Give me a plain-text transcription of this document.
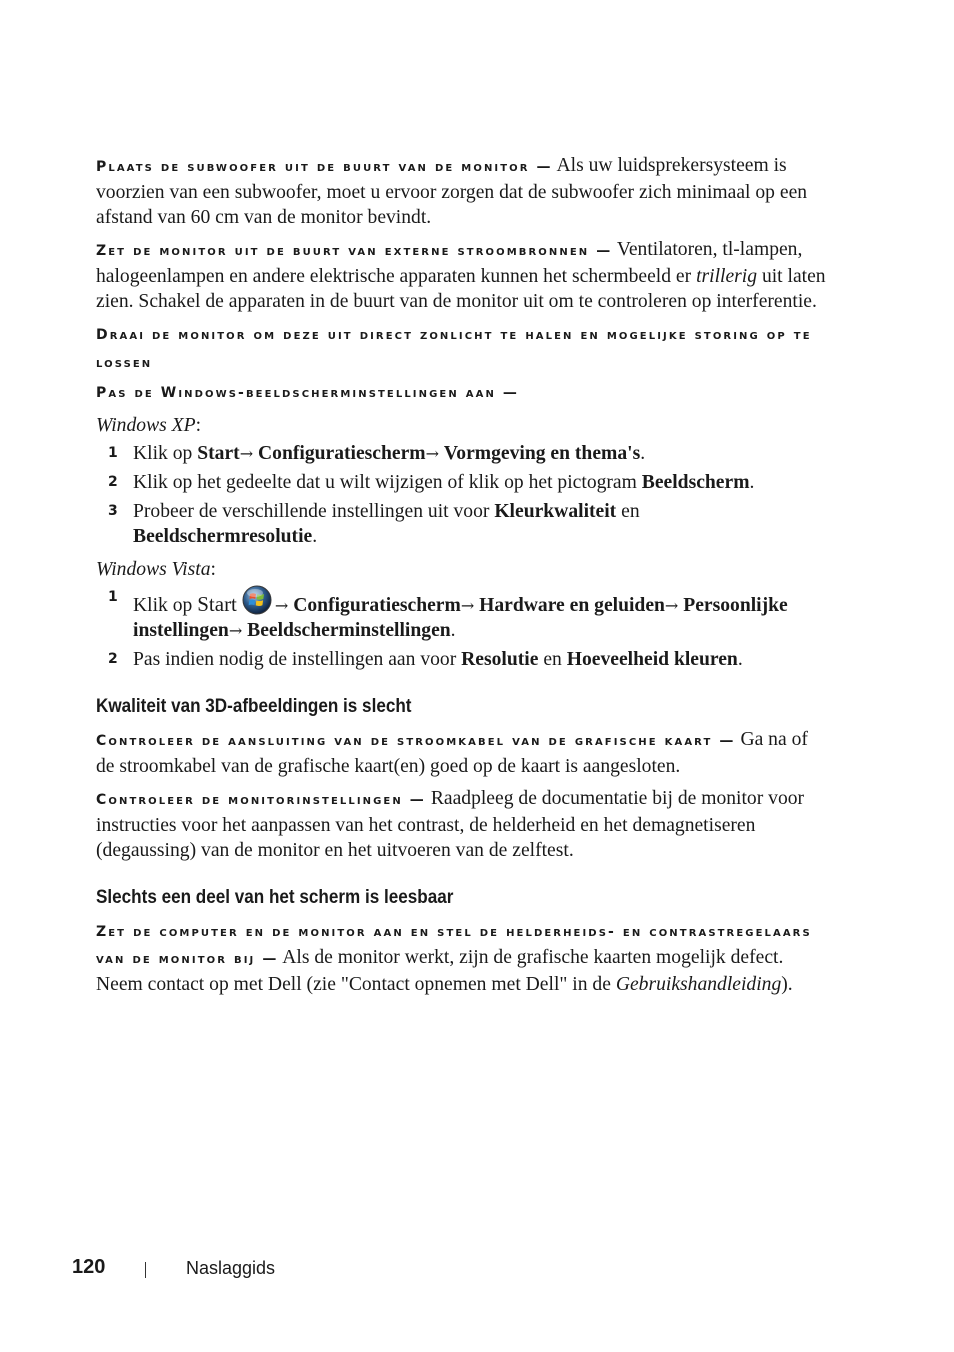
Plaats de subwoofer uit de buurt van de monitor — Als uw luidsprekersysteem is voorzien van een subwoofer, moet u ervoor zorgen dat de subwoofer zich minimaal op een afstand van 60 cm van de monitor bevindt.

Zet de monitor uit de buurt van externe stroombronnen — Ventilatoren, tl-lampen, halogeenlampen en andere elektrische apparaten kunnen het schermbeeld er trillerig uit laten zien. Schakel de apparaten in de buurt van de monitor uit om te controleren op interferentie.

Draai de monitor om deze uit direct zonlicht te halen en mogelijke storing op te lossen

Pas de Windows-beeldscherminstellingen aan —

Windows XP:
1 Klik op Start→ Configuratiescherm→ Vormgeving en thema's.
2 Klik op het gedeelte dat u wilt wijzigen of klik op het pictogram Beeldscherm.
3 Probeer de verschillende instellingen uit voor Kleurkwaliteit en Beeldschermresolutie.
Windows Vista:
1 Klik op Start → Configuratiescherm→ Hardware en geluiden→ Persoonlijke instellingen→ Beeldscherminstellingen.
2 Pas indien nodig de instellingen aan voor Resolutie en Hoeveelheid kleuren.
Kwaliteit van 3D-afbeeldingen is slecht

Controleer de aansluiting van de stroomkabel van de grafische kaart — Ga na of de stroomkabel van de grafische kaart(en) goed op de kaart is aangesloten.

Controleer de monitorinstellingen — Raadpleeg de documentatie bij de monitor voor instructies voor het aanpassen van het contrast, de helderheid en het demagnetiseren (degaussing) van de monitor en het uitvoeren van de zelftest.

Slechts een deel van het scherm is leesbaar

Zet de computer en de monitor aan en stel de helderheids- en contrastregelaars van de monitor bij — Als de monitor werkt, zijn de grafische kaarten mogelijk defect. Neem contact op met Dell (zie "Contact opnemen met Dell" in de Gebruikshandleiding).

120	Naslaggids
